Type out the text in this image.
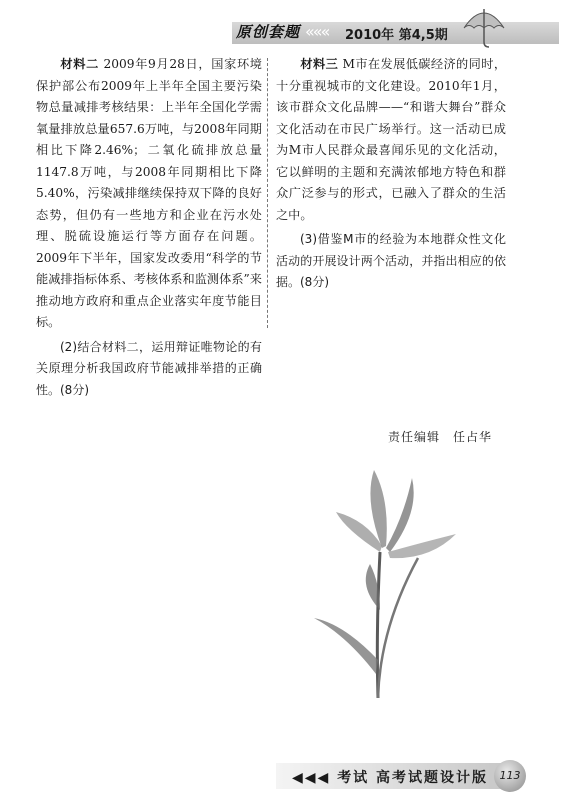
原创套题 ««« 2010年 第4,5期

材料二 2009年9月28日，国家环境保护部公布2009年上半年全国主要污染物总量减排考核结果：上半年全国化学需氧量排放总量657.6万吨，与2008年同期相比下降2.46%；二氧化硫排放总量1147.8万吨，与2008年同期相比下降5.40%，污染减排继续保持双下降的良好态势，但仍有一些地方和企业在污水处理、脱硫设施运行等方面存在问题。2009年下半年，国家发改委用“科学的节能减排指标体系、考核体系和监测体系”来推动地方政府和重点企业落实年度节能目标。

(2)结合材料二，运用辩证唯物论的有关原理分析我国政府节能减排举措的正确性。(8分)

材料三 M市在发展低碳经济的同时，十分重视城市的文化建设。2010年1月，该市群众文化品牌——“和谐大舞台”群众文化活动在市民广场举行。这一活动已成为M市人民群众最喜闻乐见的文化活动，它以鲜明的主题和充满浓郁地方特色和群众广泛参与的形式，已融入了群众的生活之中。

(3)借鉴M市的经验为本地群众性文化活动的开展设计两个活动，并指出相应的依据。(8分)

责任编辑　任占华
◀◀◀ 考试 高考试题设计版	113
